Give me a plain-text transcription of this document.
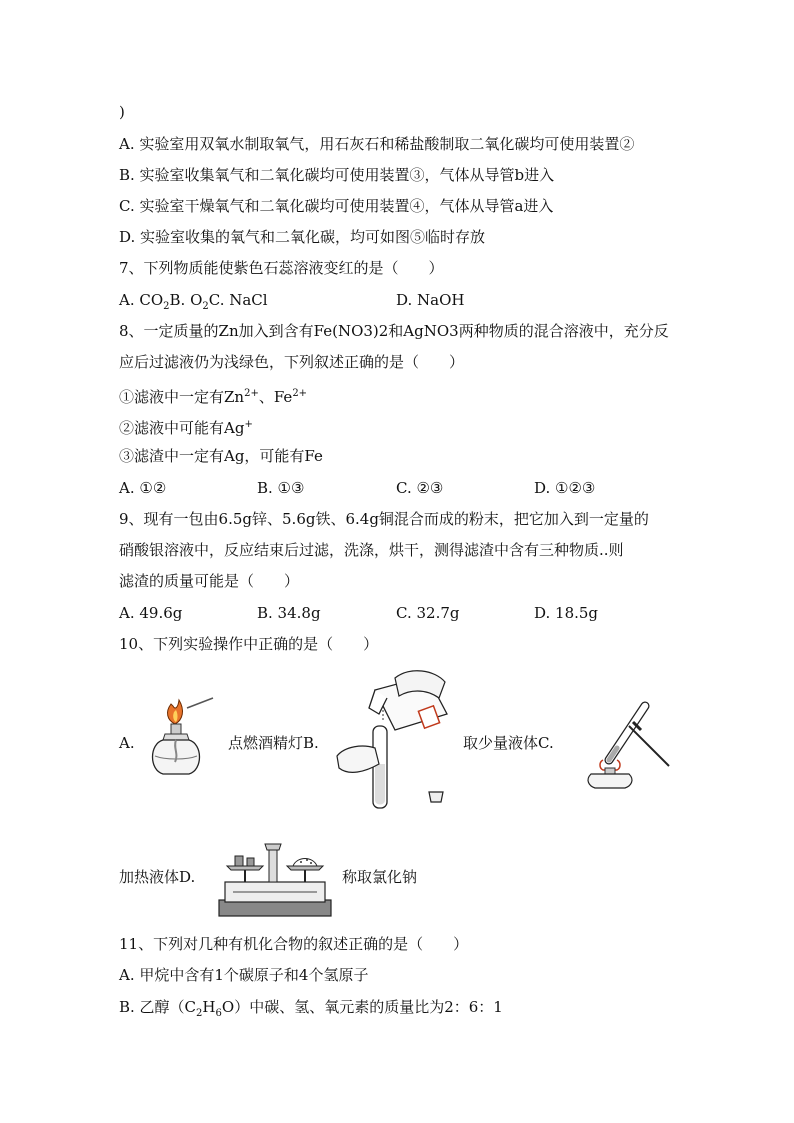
)
A. 实验室用双氧水制取氧气，用石灰石和稀盐酸制取二氧化碳均可使用装置②
B. 实验室收集氧气和二氧化碳均可使用装置③，气体从导管b进入
C. 实验室干燥氧气和二氧化碳均可使用装置④，气体从导管a进入
D. 实验室收集的氧气和二氧化碳，均可如图⑤临时存放
7、下列物质能使紫色石蕊溶液变红的是（　　）
A. $CO_2B$. $O_2C$. NaCl	D. NaOH
8、一定质量的Zn加入到含有Fe(NO3)2和AgNO3两种物质的混合溶液中，充分反
应后过滤液仍为浅绿色，下列叙述正确的是（　　）
①滤液中一定有$Zn^{2+}$、$Fe^{2+}$
②滤液中可能有Ag+
③滤渣中一定有Ag，可能有Fe
A. ①②	B. ①③	C. ②③	D. ①②③
9、现有一包由6.5g锌、5.6g铁、6.4g铜混合而成的粉末，把它加入到一定量的
硝酸银溶液中，反应结束后过滤，洗涤，烘干，测得滤渣中含有三种物质..则
滤渣的质量可能是（　　）
A. 49.6g	B. 34.8g	C. 32.7g	D. 18.5g
10、下列实验操作中正确的是（　　）
A.	点燃酒精灯B.	取少量液体C.
加热液体D.	称取氯化钠
11、下列对几种有机化合物的叙述正确的是（　　）
A. 甲烷中含有1个碳原子和4个氢原子
B. 乙醇$(C_2H_6O)$中碳、氢、氧元素的质量比为2：6：1
